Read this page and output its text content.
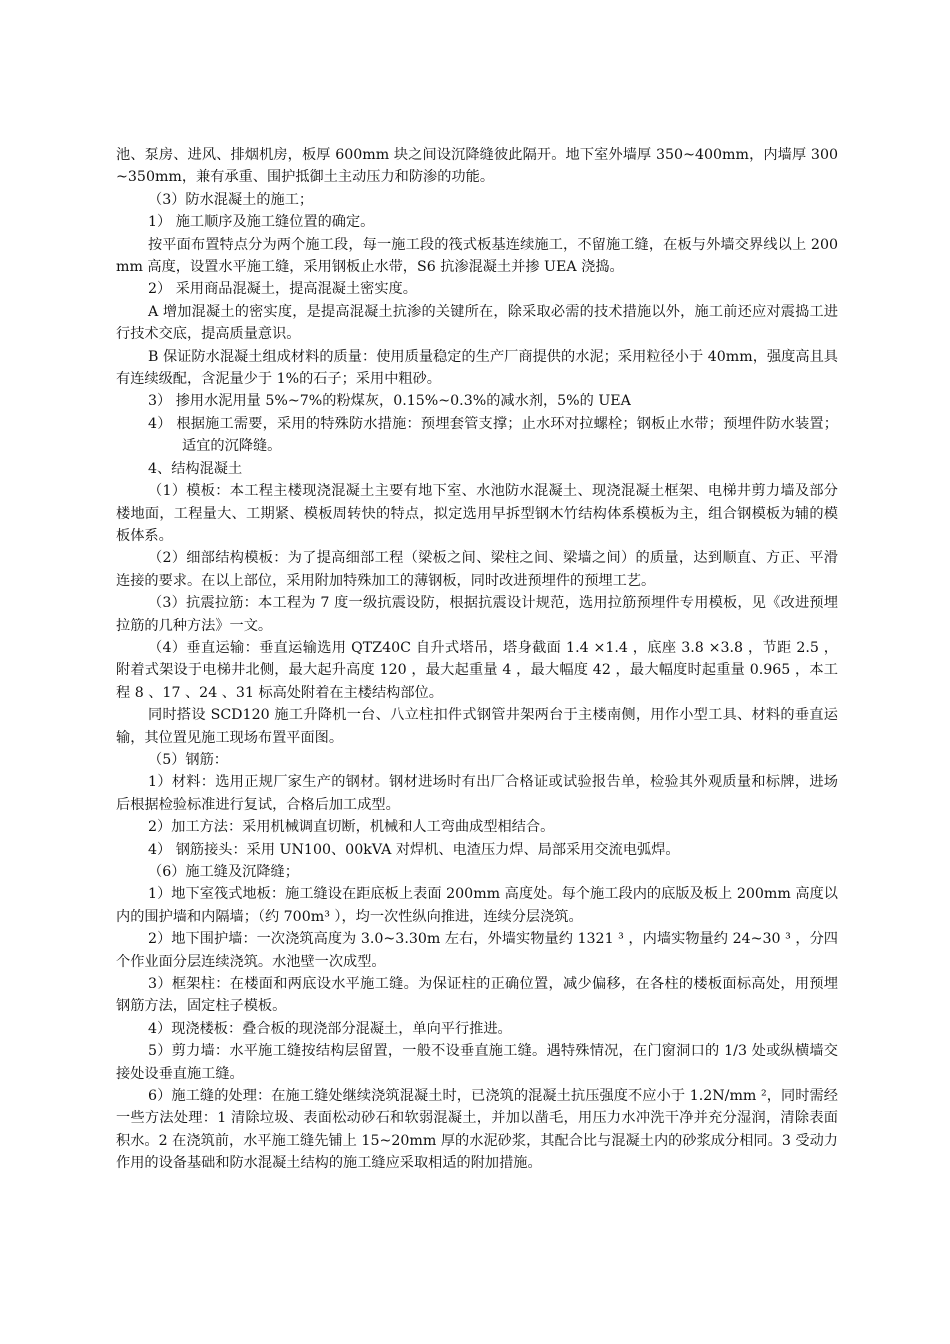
池、泵房、进风、排烟机房，板厚 600mm 块之间设沉降缝彼此隔开。地下室外墙厚 350~400mm，内墙厚 300~350mm，兼有承重、围护抵御土主动压力和防渗的功能。

（3）防水混凝土的施工；

1） 施工顺序及施工缝位置的确定。

按平面布置特点分为两个施工段，每一施工段的筏式板基连续施工，不留施工缝，在板与外墙交界线以上 200mm 高度，设置水平施工缝，采用钢板止水带，S6 抗渗混凝土并掺 UEA 浇捣。

2） 采用商品混凝土，提高混凝土密实度。

A 增加混凝土的密实度，是提高混凝土抗渗的关键所在，除采取必需的技术措施以外，施工前还应对震捣工进行技术交底，提高质量意识。

B 保证防水混凝土组成材料的质量：使用质量稳定的生产厂商提供的水泥；采用粒径小于 40mm，强度高且具有连续级配，含泥量少于 1%的石子；采用中粗砂。

3） 掺用水泥用量 5%~7%的粉煤灰，0.15%~0.3%的减水剂，5%的 UEA

4） 根据施工需要，采用的特殊防水措施：预埋套管支撑；止水环对拉螺栓；钢板止水带；预埋件防水装置；适宜的沉降缝。

4、结构混凝土

（1）模板：本工程主楼现浇混凝土主要有地下室、水池防水混凝土、现浇混凝土框架、电梯井剪力墙及部分楼地面，工程量大、工期紧、模板周转快的特点，拟定选用早拆型钢木竹结构体系模板为主，组合钢模板为辅的模板体系。

（2）细部结构模板：为了提高细部工程（梁板之间、梁柱之间、梁墙之间）的质量，达到顺直、方正、平滑连接的要求。在以上部位，采用附加特殊加工的薄钢板，同时改进预埋件的预埋工艺。

（3）抗震拉筋：本工程为 7 度一级抗震设防，根据抗震设计规范，选用拉筋预埋件专用模板，见《改进预埋拉筋的几种方法》一文。

（4）垂直运输：垂直运输选用 QTZ40C 自升式塔吊，塔身截面 1.4 ×1.4 ，底座 3.8 ×3.8 ，节距 2.5 ，附着式架设于电梯井北侧，最大起升高度 120 ，最大起重量 4 ，最大幅度 42 ，最大幅度时起重量 0.965 ，本工程 8 、17 、24 、31 标高处附着在主楼结构部位。

同时搭设 SCD120 施工升降机一台、八立柱扣件式钢管井架两台于主楼南侧，用作小型工具、材料的垂直运输，其位置见施工现场布置平面图。

（5）钢筋：

1）材料：选用正规厂家生产的钢材。钢材进场时有出厂合格证或试验报告单，检验其外观质量和标牌，进场后根据检验标准进行复试，合格后加工成型。

2）加工方法：采用机械调直切断，机械和人工弯曲成型相结合。

4） 钢筋接头：采用 UN100、00kVA 对焊机、电渣压力焊、局部采用交流电弧焊。

（6）施工缝及沉降缝；

1）地下室筏式地板：施工缝设在距底板上表面 200mm 高度处。每个施工段内的底版及板上 200mm 高度以内的围护墙和内隔墙；（约 700m³ ），均一次性纵向推进，连续分层浇筑。

2）地下围护墙：一次浇筑高度为 3.0~3.30m 左右，外墙实物量约 1321 ³ ，内墙实物量约 24~30 ³ ，分四个作业面分层连续浇筑。水池壁一次成型。

3）框架柱：在楼面和两底设水平施工缝。为保证柱的正确位置，减少偏移，在各柱的楼板面标高处，用预埋钢筋方法，固定柱子模板。

4）现浇楼板：叠合板的现浇部分混凝土，单向平行推进。

5）剪力墙：水平施工缝按结构层留置，一般不设垂直施工缝。遇特殊情况，在门窗洞口的 1/3 处或纵横墙交接处设垂直施工缝。

6）施工缝的处理：在施工缝处继续浇筑混凝土时，已浇筑的混凝土抗压强度不应小于 1.2N/mm ²，同时需经一些方法处理：1 清除垃圾、表面松动砂石和软弱混凝土，并加以凿毛，用压力水冲洗干净并充分湿润，清除表面积水。2 在浇筑前，水平施工缝先铺上 15~20mm 厚的水泥砂浆，其配合比与混凝土内的砂浆成分相同。3 受动力作用的设备基础和防水混凝土结构的施工缝应采取相适的附加措施。
